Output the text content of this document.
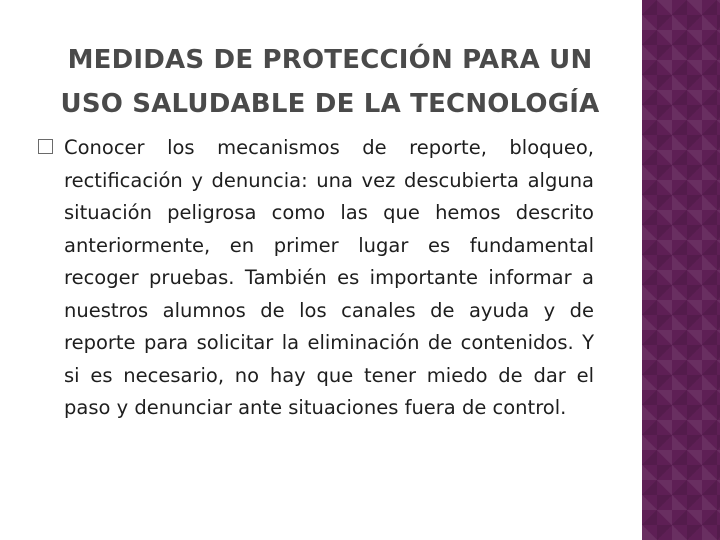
MEDIDAS DE PROTECCIÓN PARA UN USO SALUDABLE DE LA TECNOLOGÍA

Conocer los mecanismos de reporte, bloqueo, rectificación y denuncia: una vez descubierta alguna situación peligrosa como las que hemos descrito anteriormente, en primer lugar es fundamental recoger pruebas. También es importante informar a nuestros alumnos de los canales de ayuda y de reporte para solicitar la eliminación de contenidos. Y si es necesario, no hay que tener miedo de dar el paso y denunciar ante situaciones fuera de control.
